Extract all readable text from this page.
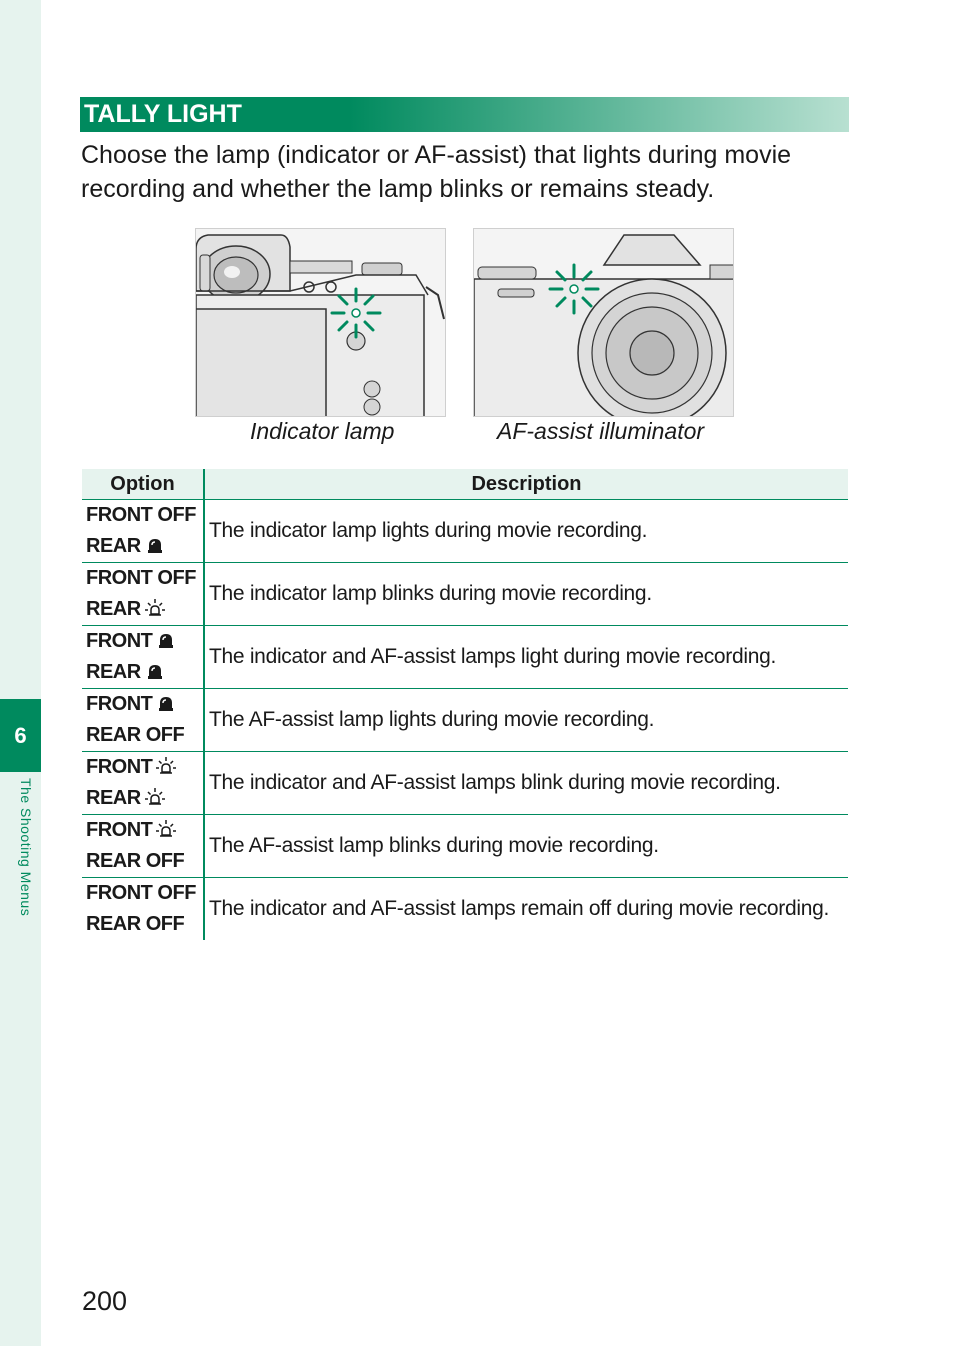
6
The Shooting Menus
TALLY LIGHT

Choose the lamp (indicator or AF-assist) that lights during movie recording and whether the lamp blinks or remains steady.

Indicator lamp	AF-assist illuminator
Option	Description

FRONT OFF
REAR	The indicator lamp lights during movie recording.

FRONT OFF
REAR	The indicator lamp blinks during movie recording.

FRONT
REAR	The indicator and AF-assist lamps light during movie recording.

FRONT
REAR OFF	The AF-assist lamp lights during movie recording.

FRONT
REAR	The indicator and AF-assist lamps blink during movie recording.

FRONT
REAR OFF	The AF-assist lamp blinks during movie recording.

FRONT OFF
REAR OFF	The indicator and AF-assist lamps remain off during movie recording.
200
